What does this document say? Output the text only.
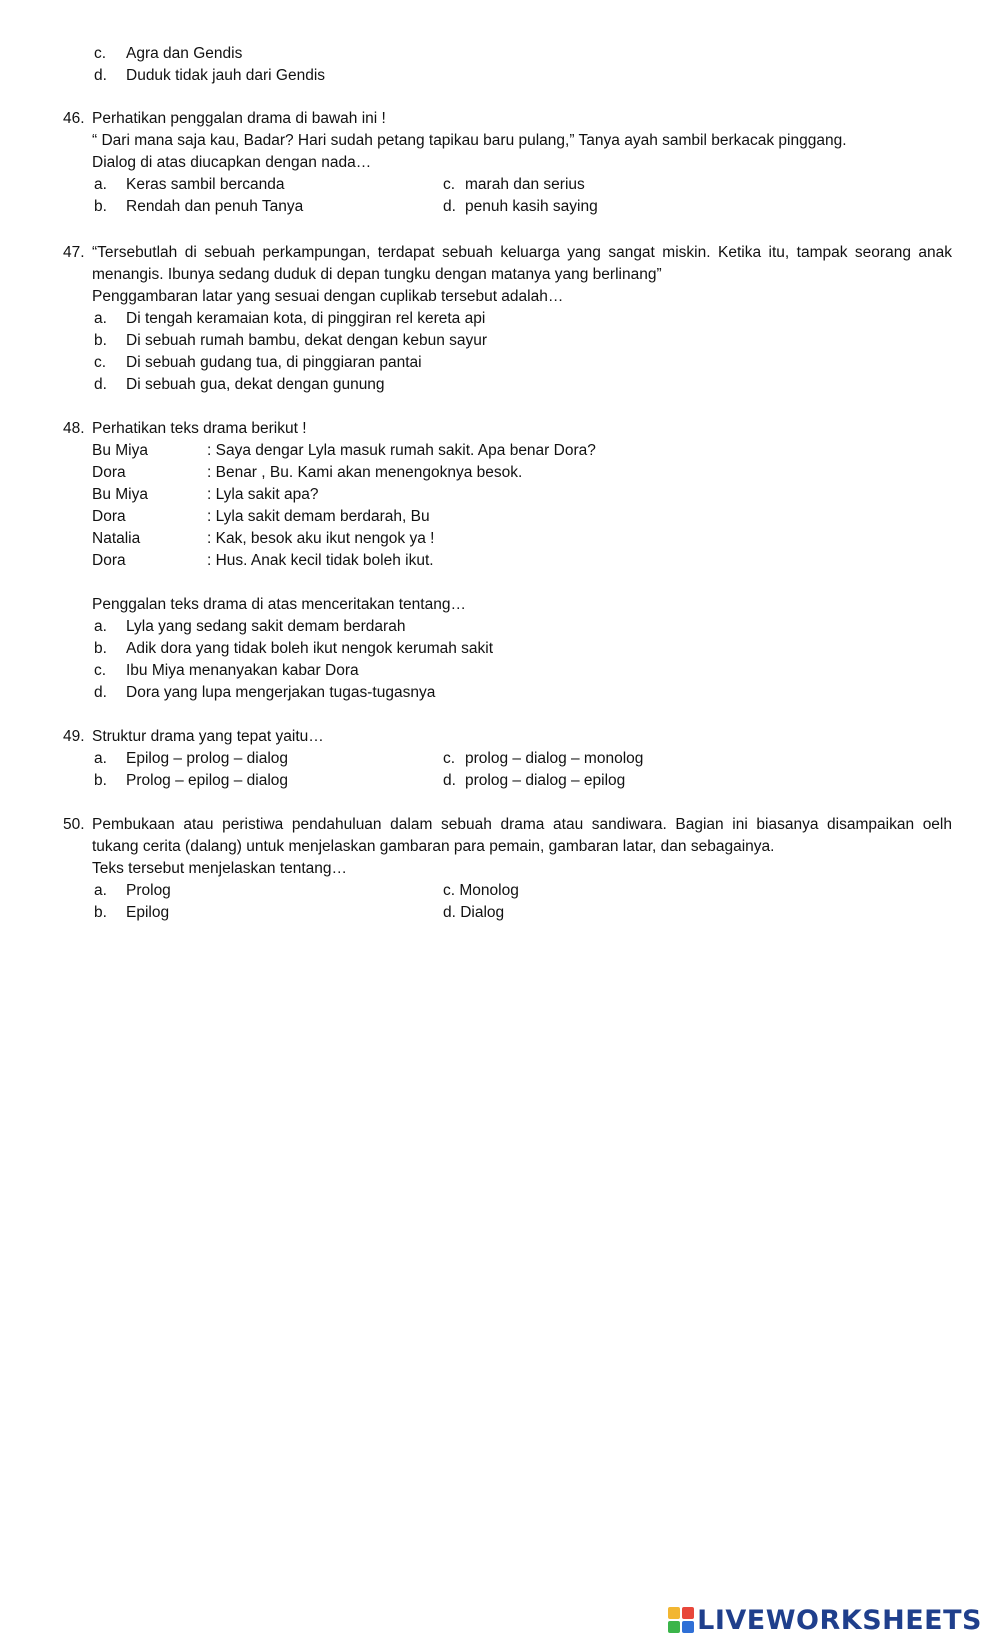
c. Agra dan Gendis
d. Duduk tidak jauh dari Gendis
46. Perhatikan penggalan drama di bawah ini !
“ Dari mana saja kau, Badar? Hari sudah petang tapikau baru pulang,” Tanya ayah sambil berkacak pinggang.
Dialog di atas diucapkan dengan nada…
a. Keras sambil bercanda	c. marah dan serius
b. Rendah dan penuh Tanya	d. penuh kasih saying
47. “Tersebutlah di sebuah perkampungan, terdapat sebuah keluarga yang sangat miskin. Ketika itu, tampak seorang anak
menangis. Ibunya sedang duduk di depan tungku dengan matanya yang berlinang”
Penggambaran latar yang sesuai dengan cuplikab tersebut adalah…
a. Di tengah keramaian kota, di pinggiran rel kereta api
b. Di sebuah rumah bambu, dekat dengan kebun sayur
c. Di sebuah gudang tua, di pinggiaran pantai
d. Di sebuah gua, dekat dengan gunung
48. Perhatikan teks drama berikut !
Bu Miya	: Saya dengar Lyla masuk rumah sakit. Apa benar Dora?
Dora	: Benar , Bu. Kami akan menengoknya besok.
Bu Miya	: Lyla sakit apa?
Dora	: Lyla sakit demam berdarah, Bu
Natalia	: Kak, besok aku ikut nengok ya !
Dora	: Hus. Anak kecil tidak boleh ikut.
Penggalan teks drama di atas menceritakan tentang…
a. Lyla yang sedang sakit demam berdarah
b. Adik dora yang tidak boleh ikut nengok kerumah sakit
c. Ibu Miya menanyakan kabar Dora
d. Dora yang lupa mengerjakan tugas-tugasnya
49. Struktur drama yang tepat yaitu…
a. Epilog – prolog – dialog	c. prolog – dialog – monolog
b. Prolog – epilog – dialog	d. prolog – dialog – epilog
50. Pembukaan atau peristiwa pendahuluan dalam sebuah drama atau sandiwara. Bagian ini biasanya disampaikan oelh
tukang cerita (dalang) untuk menjelaskan gambaran para pemain, gambaran latar, dan sebagainya.
Teks tersebut menjelaskan tentang…
a. Prolog	c. Monolog
b. Epilog	d. Dialog
LIVEWORKSHEETS
